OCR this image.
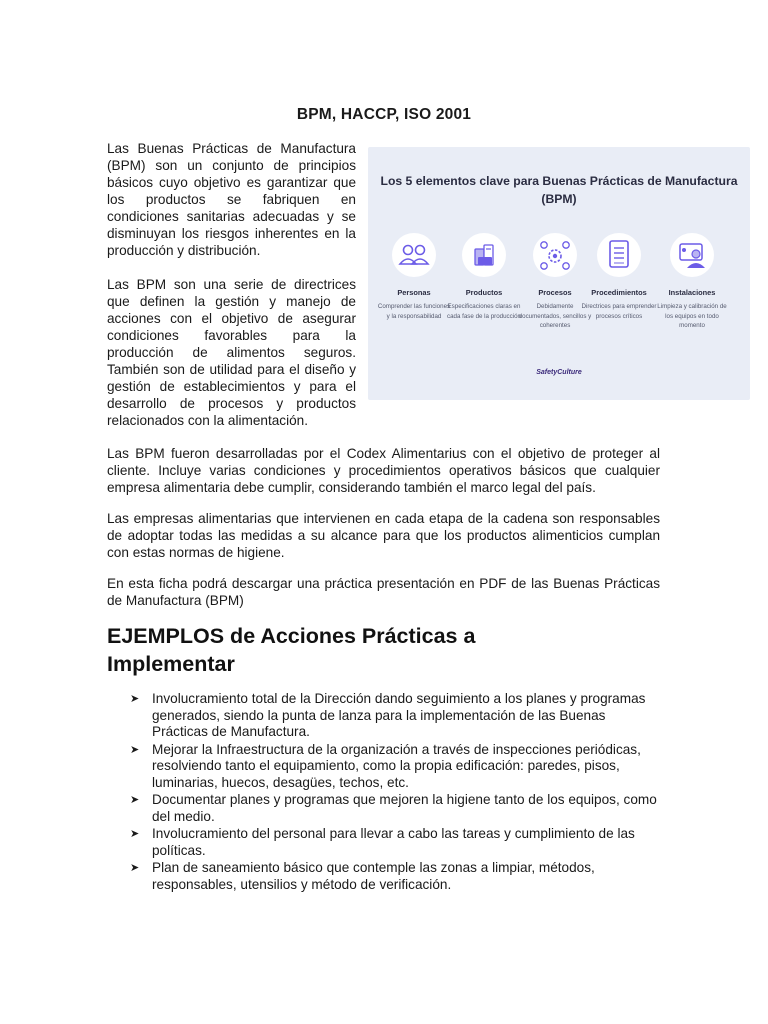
BPM, HACCP, ISO 2001

Las Buenas Prácticas de Manufactura (BPM) son un conjunto de principios básicos cuyo objetivo es garantizar que los productos se fabriquen en condiciones sanitarias adecuadas y se disminuyan los riesgos inherentes en la producción y distribución.

Las BPM son una serie de directrices que definen la gestión y manejo de acciones con el objetivo de asegurar condiciones favorables para la producción de alimentos seguros. También son de utilidad para el diseño y gestión de establecimientos y para el desarrollo de procesos y productos relacionados con la alimentación.

Los 5 elementos clave para Buenas Prácticas de Manufactura (BPM)
Personas
Comprender las funciones y la responsabilidad
Productos
Especificaciones claras en cada fase de la producción
Procesos
Debidamente documentados, sencillos y coherentes
Procedimientos
Directrices para emprender procesos críticos
Instalaciones
Limpieza y calibración de los equipos en todo momento
SafetyCulture

Las BPM fueron desarrolladas por el Codex Alimentarius con el objetivo de proteger al cliente. Incluye varias condiciones y procedimientos operativos básicos que cualquier empresa alimentaria debe cumplir, considerando también el marco legal del país.

Las empresas alimentarias que intervienen en cada etapa de la cadena son responsables de adoptar todas las medidas a su alcance para que los productos alimenticios cumplan con estas normas de higiene.

En esta ficha podrá descargar una práctica presentación en PDF de las Buenas Prácticas de Manufactura (BPM)

EJEMPLOS de Acciones Prácticas a
Implementar
➤ Involucramiento total de la Dirección dando seguimiento a los planes y programas generados, siendo la punta de lanza para la implementación de las Buenas Prácticas de Manufactura.
➤ Mejorar la Infraestructura de la organización a través de inspecciones periódicas, resolviendo tanto el equipamiento, como la propia edificación: paredes, pisos, luminarias, huecos, desagües, techos, etc.
➤ Documentar planes y programas que mejoren la higiene tanto de los equipos, como del medio.
➤ Involucramiento del personal para llevar a cabo las tareas y cumplimiento de las políticas.
➤ Plan de saneamiento básico que contemple las zonas a limpiar, métodos, responsables, utensilios y método de verificación.
